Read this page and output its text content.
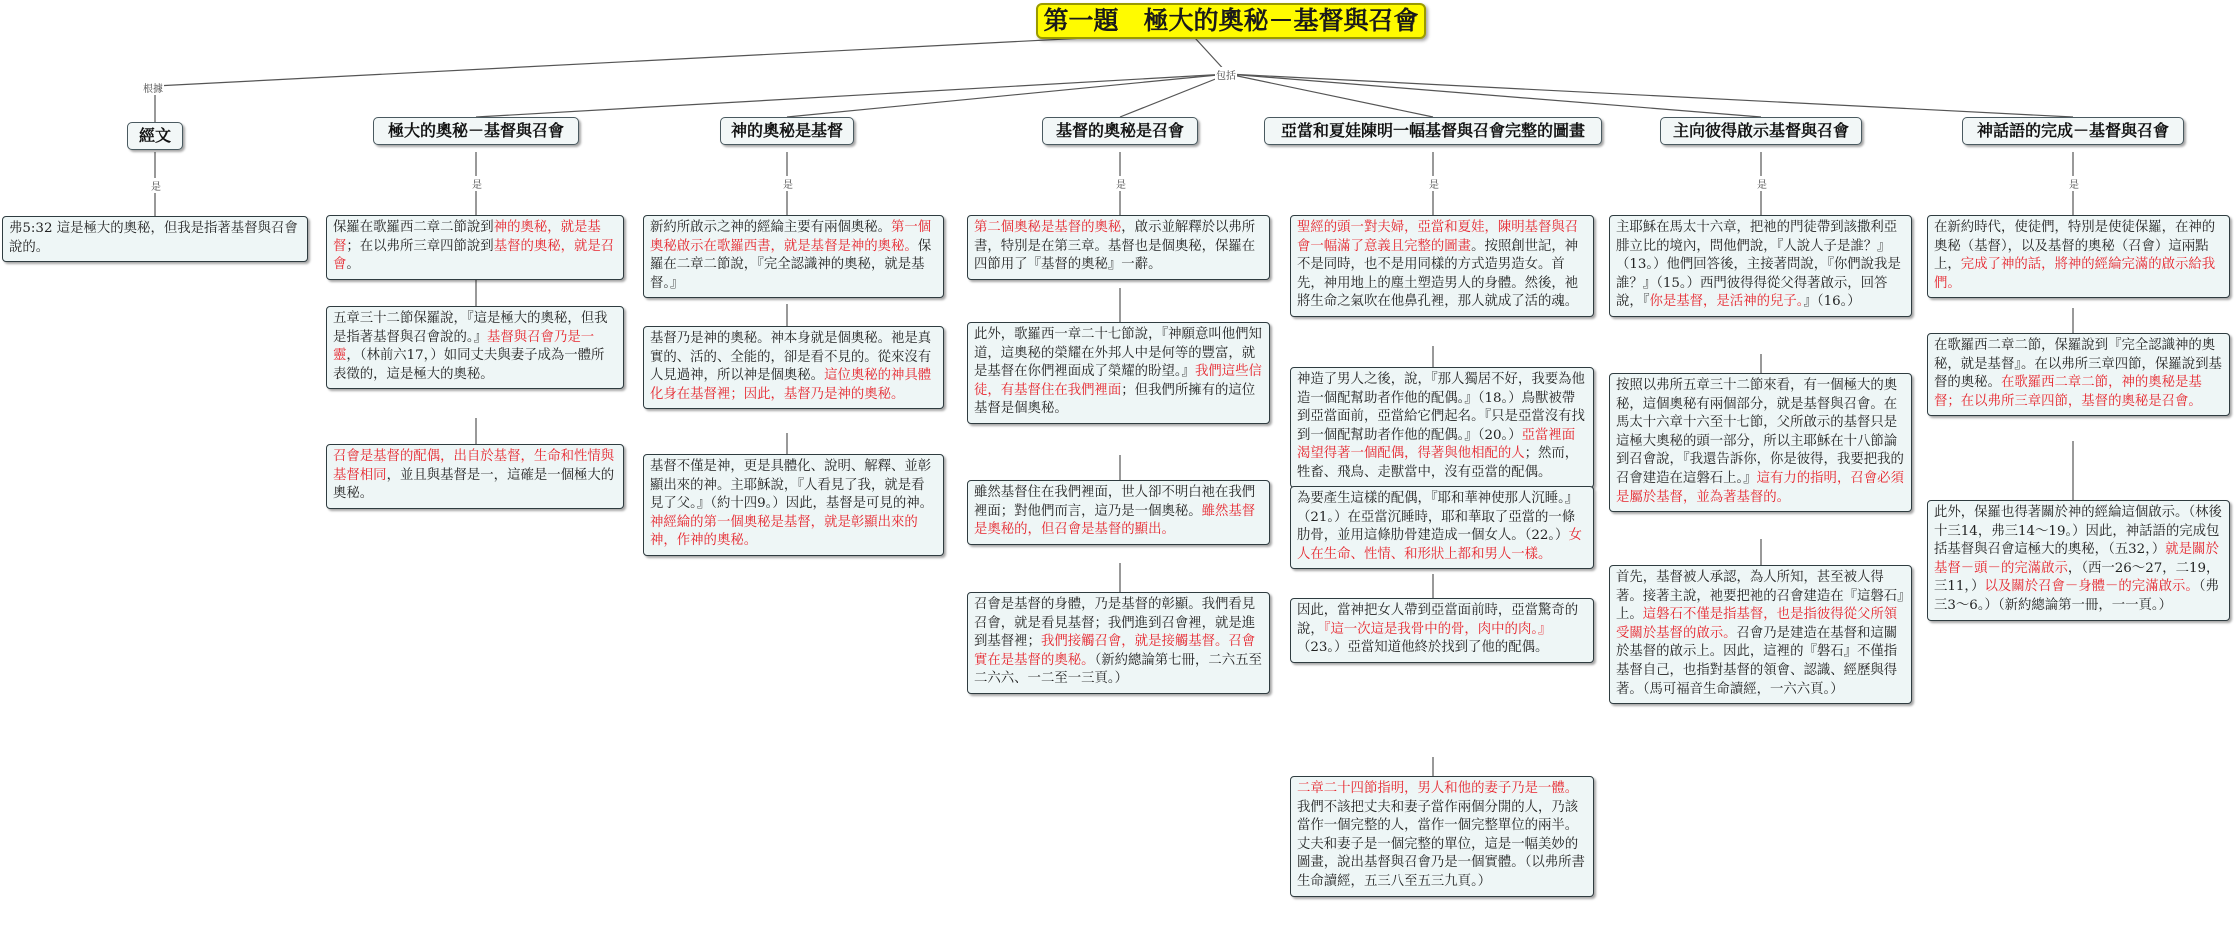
第一題　極大的奧秘－基督與召會
根據
包括
經文	極大的奧秘－基督與召會	神的奧秘是基督	基督的奧秘是召會	亞當和夏娃陳明一幅基督與召會完整的圖畫	主向彼得啟示基督與召會	神話語的完成－基督與召會
是	是	是	是	是	是	是
弗5:32 這是極大的奧秘，但我是指著基督與召會說的。
保羅在歌羅西二章二節說到神的奧秘，就是基督；在以弗所三章四節說到基督的奧秘，就是召會。
五章三十二節保羅說，『這是極大的奧秘，但我是指著基督與召會說的。』基督與召會乃是一靈，（林前六17，）如同丈夫與妻子成為一體所表徵的，這是極大的奧秘。
召會是基督的配偶，出自於基督，生命和性情與基督相同，並且與基督是一，這確是一個極大的奧秘。
新約所啟示之神的經綸主要有兩個奧秘。第一個奧秘啟示在歌羅西書，就是基督是神的奧秘。保羅在二章二節說，『完全認識神的奧秘，就是基督。』
基督乃是神的奧秘。神本身就是個奧秘。祂是真實的、活的、全能的，卻是看不見的。從來沒有人見過神，所以神是個奧秘。這位奧秘的神具體化身在基督裡；因此，基督乃是神的奧秘。
基督不僅是神，更是具體化、說明、解釋、並彰顯出來的神。主耶穌說，『人看見了我，就是看見了父。』（約十四9。）因此，基督是可見的神。神經綸的第一個奧秘是基督，就是彰顯出來的神，作神的奧秘。
第二個奧秘是基督的奧秘，啟示並解釋於以弗所書，特別是在第三章。基督也是個奧秘，保羅在四節用了『基督的奧秘』一辭。
此外，歌羅西一章二十七節說，『神願意叫他們知道，這奧秘的榮耀在外邦人中是何等的豐富，就是基督在你們裡面成了榮耀的盼望。』我們這些信徒，有基督住在我們裡面；但我們所擁有的這位基督是個奧秘。
雖然基督住在我們裡面，世人卻不明白祂在我們裡面；對他們而言，這乃是一個奧秘。雖然基督是奧秘的，但召會是基督的顯出。
召會是基督的身體，乃是基督的彰顯。我們看見召會，就是看見基督；我們進到召會裡，就是進到基督裡；我們接觸召會，就是接觸基督。召會實在是基督的奧秘。（新約總論第七冊，二六五至二六六、一二至一三頁。）
聖經的頭一對夫婦，亞當和夏娃，陳明基督與召會一幅滿了意義且完整的圖畫。按照創世記，神不是同時，也不是用同樣的方式造男造女。首先，神用地上的塵土塑造男人的身體。然後，祂將生命之氣吹在他鼻孔裡，那人就成了活的魂。
神造了男人之後，說，『那人獨居不好，我要為他造一個配幫助者作他的配偶。』（18。）鳥獸被帶到亞當面前，亞當給它們起名。『只是亞當沒有找到一個配幫助者作他的配偶。』（20。）亞當裡面渴望得著一個配偶，得著與他相配的人；然而，牲畜、飛鳥、走獸當中，沒有亞當的配偶。
為要產生這樣的配偶，『耶和華神使那人沉睡。』（21。）在亞當沉睡時，耶和華取了亞當的一條肋骨，並用這條肋骨建造成一個女人。（22。）女人在生命、性情、和形狀上都和男人一樣。
因此，當神把女人帶到亞當面前時，亞當驚奇的說，『這一次這是我骨中的骨，肉中的肉。』（23。）亞當知道他終於找到了他的配偶。
二章二十四節指明，男人和他的妻子乃是一體。我們不該把丈夫和妻子當作兩個分開的人，乃該當作一個完整的人，當作一個完整單位的兩半。丈夫和妻子是一個完整的單位，這是一幅美妙的圖畫，說出基督與召會乃是一個實體。（以弗所書生命讀經，五三八至五三九頁。）
主耶穌在馬太十六章，把祂的門徒帶到該撒利亞腓立比的境內，問他們說，『人說人子是誰？』（13。）他們回答後，主接著問說，『你們說我是誰？』（15。）西門彼得得從父得著啟示，回答說，『你是基督，是活神的兒子。』（16。）
按照以弗所五章三十二節來看，有一個極大的奧秘，這個奧秘有兩個部分，就是基督與召會。在馬太十六章十六至十七節，父所啟示的基督只是這極大奧秘的頭一部分，所以主耶穌在十八節論到召會說，『我還告訴你，你是彼得，我要把我的召會建造在這磐石上。』這有力的指明，召會必須是屬於基督，並為著基督的。
首先，基督被人承認，為人所知，甚至被人得著。接著主說，祂要把祂的召會建造在『這磐石』上。這磐石不僅是指基督，也是指彼得從父所領受關於基督的啟示。召會乃是建造在基督和這關於基督的啟示上。因此，這裡的『磐石』不僅指基督自己，也指對基督的領會、認識、經歷與得著。（馬可福音生命讀經，一六六頁。）
在新約時代，使徒們，特別是使徒保羅，在神的奧秘（基督），以及基督的奧秘（召會）這兩點上，完成了神的話，將神的經綸完滿的啟示給我們。
在歌羅西二章二節，保羅說到『完全認識神的奧秘，就是基督』。在以弗所三章四節，保羅說到基督的奧秘。在歌羅西二章二節，神的奧秘是基督；在以弗所三章四節，基督的奧秘是召會。
此外，保羅也得著關於神的經綸這個啟示。（林後十三14，弗三14～19。）因此，神話語的完成包括基督與召會這極大的奧秘，（五32，）就是關於基督－頭－的完滿啟示，（西一26～27，二19，三11，）以及關於召會－身體－的完滿啟示。（弗三3～6。）（新約總論第一冊，一一頁。）
